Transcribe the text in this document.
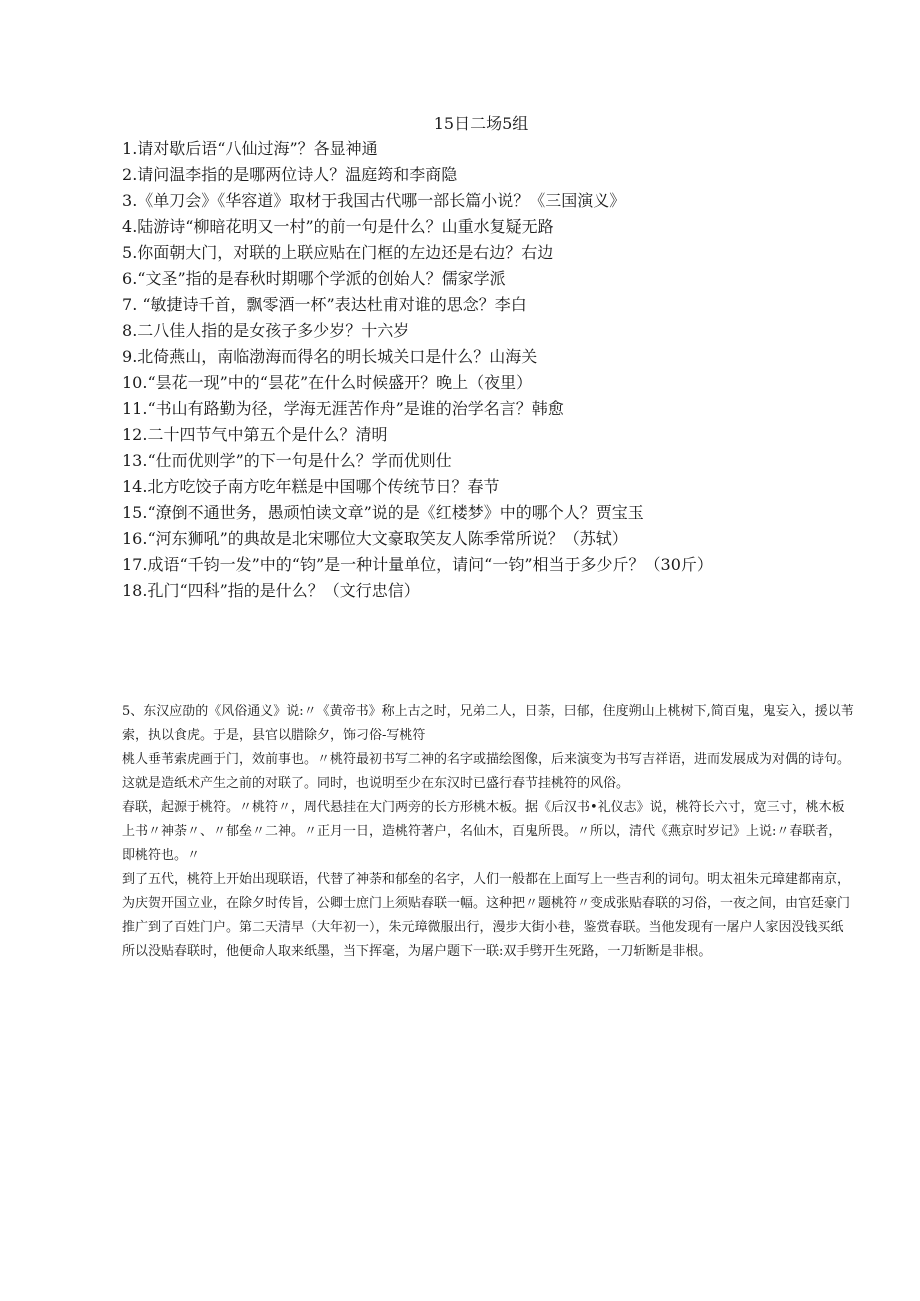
15日二场5组
1.请对歇后语“八仙过海”？各显神通
2.请问温李指的是哪两位诗人？温庭筠和李商隐
3.《单刀会》《华容道》取材于我国古代哪一部长篇小说？《三国演义》
4.陆游诗“柳暗花明又一村”的前一句是什么？山重水复疑无路
5.你面朝大门，对联的上联应贴在门框的左边还是右边？右边
6.“文圣”指的是春秋时期哪个学派的创始人？儒家学派
7. “敏捷诗千首，飘零酒一杯”表达杜甫对谁的思念？李白
8.二八佳人指的是女孩子多少岁？十六岁
9.北倚燕山，南临渤海而得名的明长城关口是什么？山海关
10.“昙花一现”中的“昙花”在什么时候盛开？晚上（夜里）
11.“书山有路勤为径，学海无涯苦作舟”是谁的治学名言？韩愈
12.二十四节气中第五个是什么？清明
13.“仕而优则学”的下一句是什么？学而优则仕
14.北方吃饺子南方吃年糕是中国哪个传统节日？春节
15.“潦倒不通世务，愚顽怕读文章”说的是《红楼梦》中的哪个人？贾宝玉
16.“河东狮吼”的典故是北宋哪位大文豪取笑友人陈季常所说？（苏轼）
17.成语“千钧一发”中的“钧”是一种计量单位，请问“一钧”相当于多少斤？（30斤）
18.孔门“四科”指的是什么？（文行忠信）

5、东汉应劭的《风俗通义》说:〃《黄帝书》称上古之时，兄弟二人，日荼，曰郁，住度朔山上桃树下,简百鬼，鬼妄入，援以苇索，执以食虎。于是，县官以腊除夕，饰刁俗-写桃符

桃人垂苇索虎画于门，效前事也。〃桃符最初书写二神的名字或描绘图像，后来演变为书写吉祥语，进而发展成为对偶的诗句。这就是造纸术产生之前的对联了。同时，也说明至少在东汉时已盛行春节挂桃符的风俗。

春联，起源于桃符。〃桃符〃，周代悬挂在大门两旁的长方形桃木板。据《后汉书•礼仪志》说，桃符长六寸，宽三寸，桃木板上书〃神荼〃、〃郁垒〃二神。〃正月一日，造桃符著户，名仙木，百鬼所畏。〃所以，清代《燕京时岁记》上说:〃春联者，即桃符也。〃

到了五代，桃符上开始出现联语，代替了神荼和郁垒的名字，人们一般都在上面写上一些吉利的词句。明太祖朱元璋建都南京，为庆贺开国立业，在除夕时传旨，公卿士庶门上须贴春联一幅。这种把〃题桃符〃变成张贴春联的习俗，一夜之间，由官廷豪门推广到了百姓门户。第二天清早（大年初一），朱元璋微服出行，漫步大街小巷，鉴赏春联。当他发现有一屠户人家因没钱买纸所以没贴春联时，他便命人取来纸墨，当下挥毫，为屠户题下一联:双手劈开生死路，一刀斩断是非根。
